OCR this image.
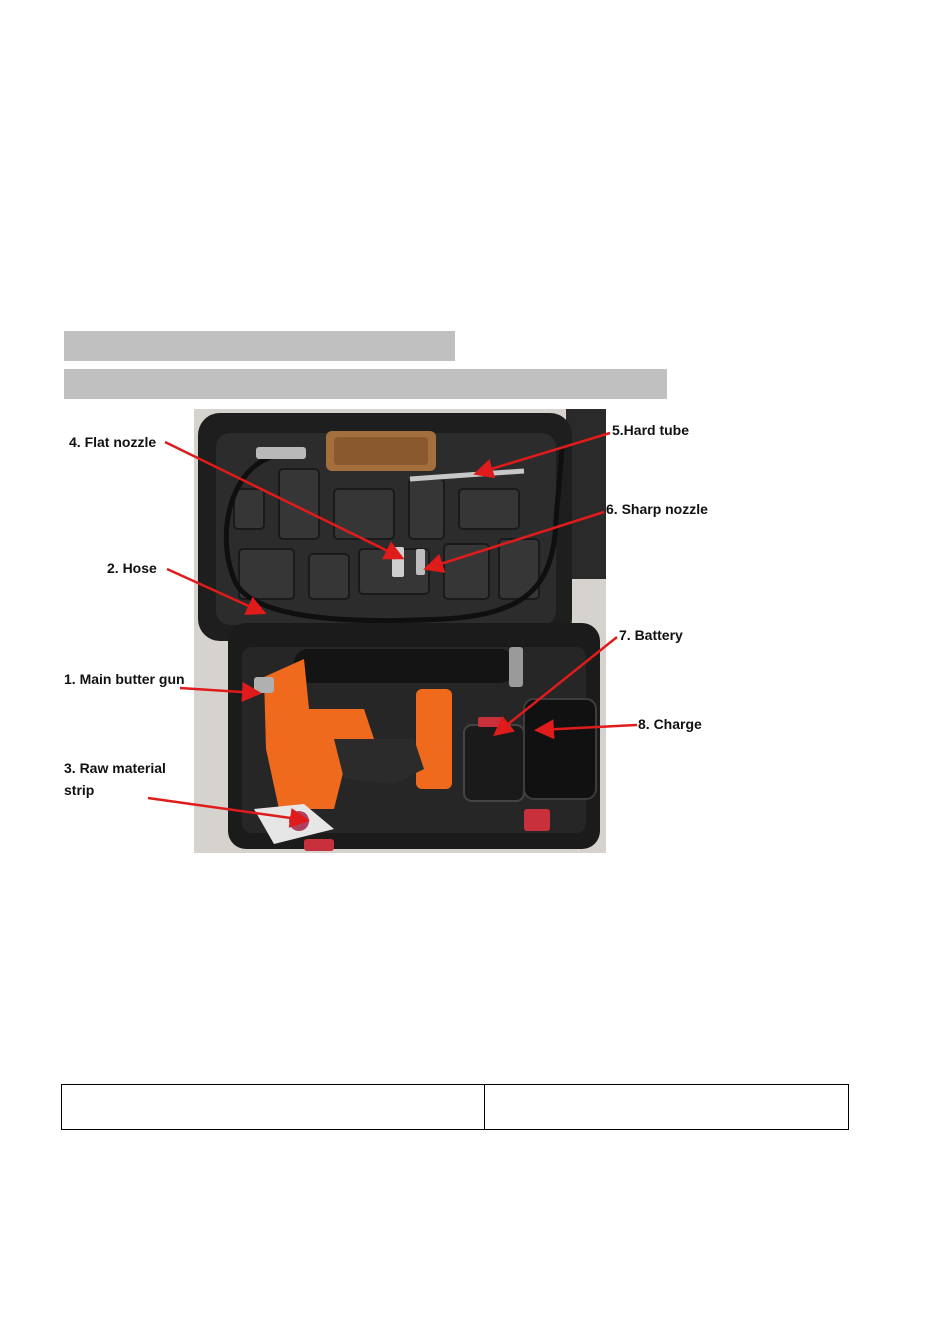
4. Flat nozzle
5.Hard tube
6. Sharp nozzle
2. Hose
7. Battery
1. Main butter gun
8. Charge
3. Raw material strip
